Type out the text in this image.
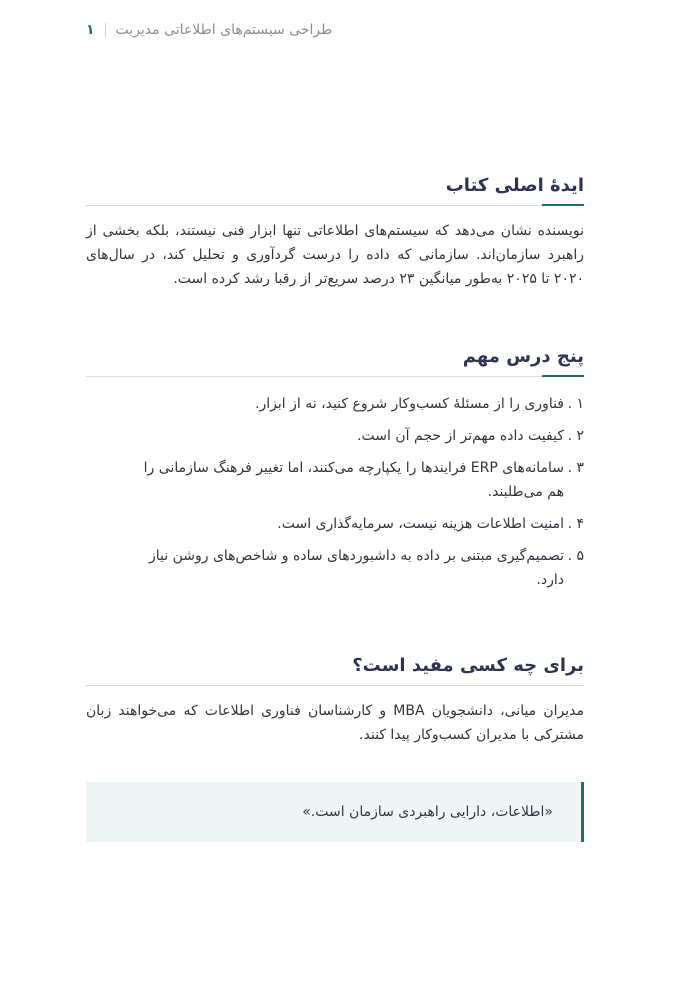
۱ طراحی سیستم‌های اطلاعاتی مدیریت
ایدهٔ اصلی کتاب

نویسنده نشان می‌دهد که سیستم‌های اطلاعاتی تنها ابزار فنی نیستند، بلکه بخشی از راهبرد سازمان‌اند. سازمانی که داده را درست گردآوری و تحلیل کند، در سال‌های ۲۰۲۰ تا ۲۰۲۵ به‌طور میانگین ۲۳ درصد سریع‌تر از رقبا رشد کرده است.

پنج درس مهم
۱ .
فناوری را از مسئلهٔ کسب‌وکار شروع کنید، نه از ابزار.
۲ .
کیفیت داده مهم‌تر از حجم آن است.
۳ .
سامانه‌های ERP فرایندها را یکپارچه می‌کنند، اما تغییر فرهنگ سازمانی را هم می‌طلبند.
۴ .
امنیت اطلاعات هزینه نیست، سرمایه‌گذاری است.
۵ .
تصمیم‌گیری مبتنی بر داده به داشبوردهای ساده و شاخص‌های روشن نیاز دارد.
برای چه کسی مفید است؟

مدیران میانی، دانشجویان MBA و کارشناسان فناوری اطلاعات که می‌خواهند زبان مشترکی با مدیران کسب‌وکار پیدا کنند.

«اطلاعات، دارایی راهبردی سازمان است.»
